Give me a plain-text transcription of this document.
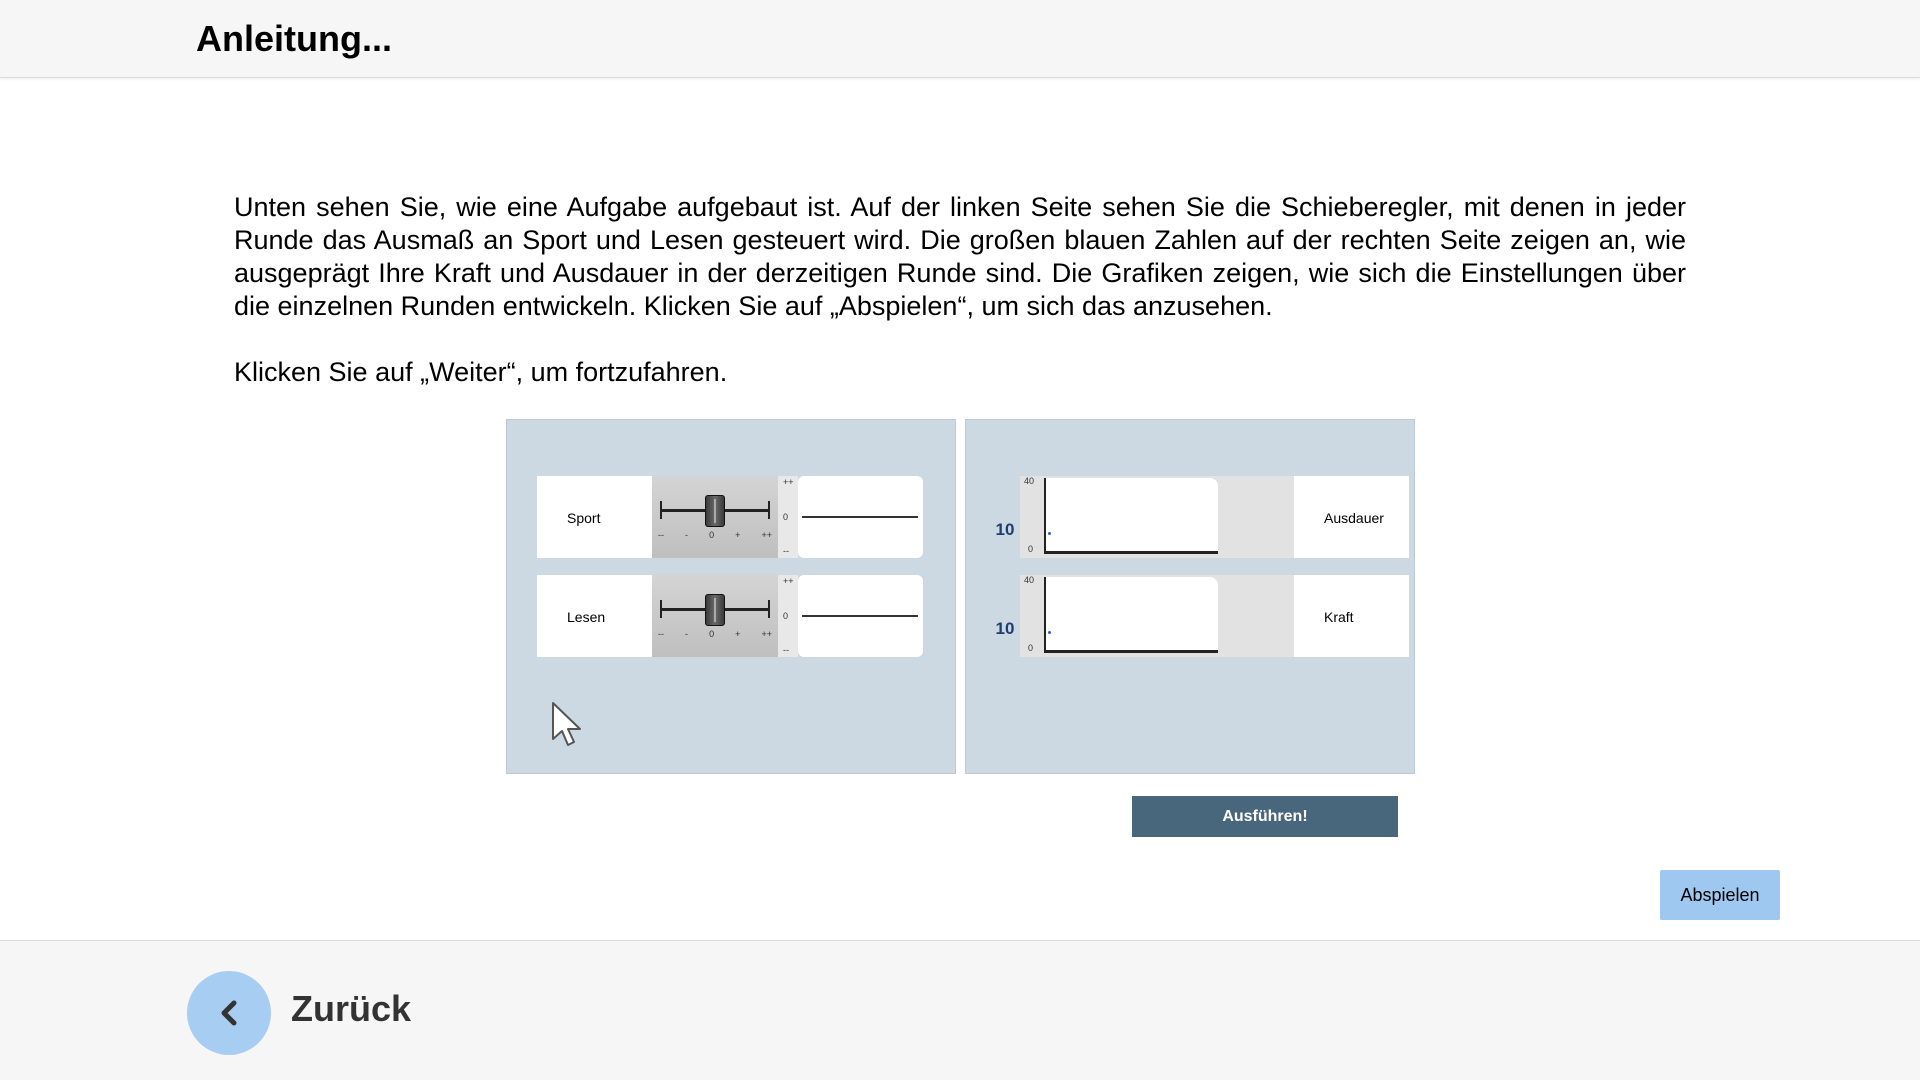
Anleitung...

Unten sehen Sie, wie eine Aufgabe aufgebaut ist. Auf der linken Seite sehen Sie die Schieberegler, mit denen in jeder Runde das Ausmaß an Sport und Lesen gesteuert wird. Die großen blauen Zahlen auf der rechten Seite zeigen an, wie ausgeprägt Ihre Kraft und Ausdauer in der derzeitigen Runde sind. Die Grafiken zeigen, wie sich die Einstellungen über die einzelnen Runden entwickeln. Klicken Sie auf „Abspielen“, um sich das anzusehen.

Klicken Sie auf „Weiter“, um fortzufahren.

Sport
-- - 0 + ++
++
0
--
Lesen
-- - 0 + ++
++
0
--
10
40
0
Ausdauer
10
40
0
Kraft
Ausführen!
Abspielen
Zurück
